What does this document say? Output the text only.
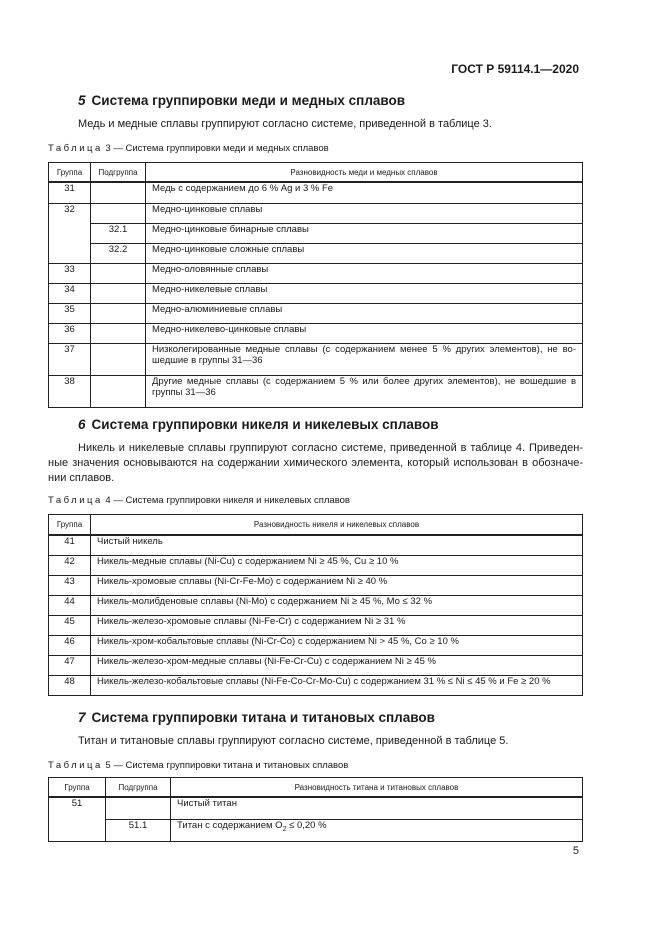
ГОСТ Р 59114.1—2020
5 Система группировки меди и медных сплавов
Медь и медные сплавы группируют согласно системе, приведенной в таблице 3.
Таблица 3 — Система группировки меди и медных сплавов
Группа	Подгруппа	Разновидность меди и медных сплавов
31		Медь с содержанием до 6 % Ag и 3 % Fe
32		Медно-цинковые сплавы
	32.1	Медно-цинковые бинарные сплавы
	32.2	Медно-цинковые сложные сплавы
33		Медно-оловянные сплавы
34		Медно-никелевые сплавы
35		Медно-алюминиевые сплавы
36		Медно-никелево-цинковые сплавы
37		Низколегированные медные сплавы (с содержанием менее 5 % других элементов), не во-шедшие в группы 31—36
38		Другие медные сплавы (с содержанием 5 % или более других элементов), не вошедшие в группы 31—36
6 Система группировки никеля и никелевых сплавов
Никель и никелевые сплавы группируют согласно системе, приведенной в таблице 4. Приведен-ные значения основываются на содержании химического элемента, который использован в обозначе-нии сплавов.
Таблица 4 — Система группировки никеля и никелевых сплавов
Группа	Разновидность никеля и никелевых сплавов
41	Чистый никель
42	Никель-медные сплавы (Ni-Cu) с содержанием Ni ≥ 45 %, Cu ≥ 10 %
43	Никель-хромовые сплавы (Ni-Cr-Fe-Mo) с содержанием Ni ≥ 40 %
44	Никель-молибденовые сплавы (Ni-Mo) с содержанием Ni ≥ 45 %, Mo ≤ 32 %
45	Никель-железо-хромовые сплавы (Ni-Fe-Cr) с содержанием Ni ≥ 31 %
46	Никель-хром-кобальтовые сплавы (Ni-Cr-Co) с содержанием Ni > 45 %, Co ≥ 10 %
47	Никель-железо-хром-медные сплавы (Ni-Fe-Cr-Cu) с содержанием Ni ≥ 45 %
48	Никель-железо-кобальтовые сплавы (Ni-Fe-Co-Cr-Mo-Cu) с содержанием 31 % ≤ Ni ≤ 45 % и Fe ≥ 20 %
7 Система группировки титана и титановых сплавов
Титан и титановые сплавы группируют согласно системе, приведенной в таблице 5.
Таблица 5 — Система группировки титана и титановых сплавов
Группа	Подгруппа	Разновидность титана и титановых сплавов
51		Чистый титан
	51.1	Титан с содержанием $O_2 \le 0,20$ %
5
